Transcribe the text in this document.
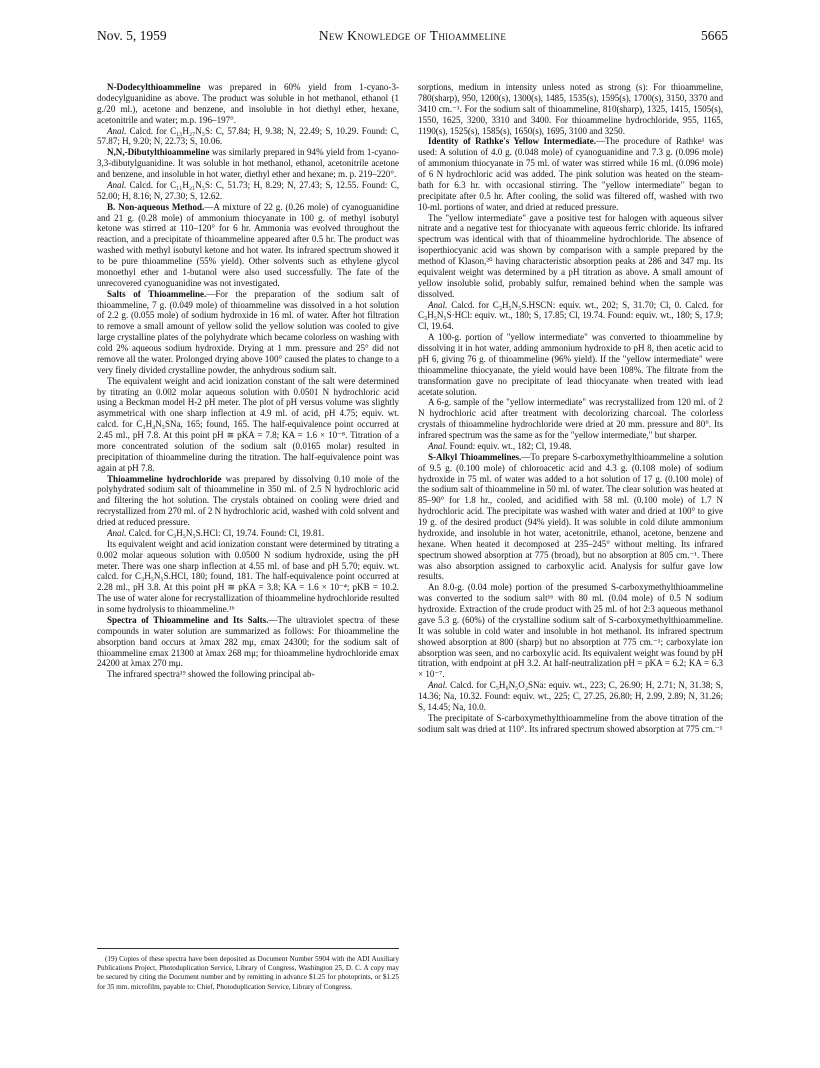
Nov. 5, 1959	New Knowledge of Thioammeline	5665

N-Dodecylthioammeline was prepared in 60% yield from 1-cyano-3-dodecylguanidine as above. The product was soluble in hot methanol, ethanol (1 g./20 ml.), acetone and benzene, and insoluble in hot diethyl ether, hexane, acetonitrile and water; m.p. 196–197°.

Anal. Calcd. for C₁₅H₂₇N₅S: C, 57.84; H, 9.38; N, 22.49; S, 10.29. Found: C, 57.87; H, 9.20; N, 22.73; S, 10.06.

N,N,-Dibutylthioammeline was similarly prepared in 94% yield from 1-cyano-3,3-dibutylguanidine. It was soluble in hot methanol, ethanol, acetonitrile acetone and benzene, and insoluble in hot water, diethyl ether and hexane; m. p. 219–220°.

Anal. Calcd. for C₁₁H₂₁N₅S: C, 51.73; H, 8.29; N, 27.43; S, 12.55. Found: C, 52.00; H, 8.16; N, 27.30; S, 12.62.

B. Non-aqueous Method.—A mixture of 22 g. (0.26 mole) of cyanoguanidine and 21 g. (0.28 mole) of ammonium thiocyanate in 100 g. of methyl isobutyl ketone was stirred at 110–120° for 6 hr. Ammonia was evolved throughout the reaction, and a precipitate of thioammeline appeared after 0.5 hr. The product was washed with methyl isobutyl ketone and hot water. Its infrared spectrum showed it to be pure thioammeline (55% yield). Other solvents such as ethylene glycol monoethyl ether and 1-butanol were also used successfully. The fate of the unrecovered cyanoguanidine was not investigated.

Salts of Thioammeline.—For the preparation of the sodium salt of thioammeline, 7 g. (0.049 mole) of thioammeline was dissolved in a hot solution of 2.2 g. (0.055 mole) of sodium hydroxide in 16 ml. of water. After hot filtration to remove a small amount of yellow solid the yellow solution was cooled to give large crystalline plates of the polyhydrate which became colorless on washing with cold 2% aqueous sodium hydroxide. Drying at 1 mm. pressure and 25° did not remove all the water. Prolonged drying above 100° caused the plates to change to a very finely divided crystalline powder, the anhydrous sodium salt.

The equivalent weight and acid ionization constant of the salt were determined by titrating an 0.002 molar aqueous solution with 0.0501 N hydrochloric acid using a Beckman model H-2 pH meter. The plot of pH versus volume was slightly asymmetrical with one sharp inflection at 4.9 ml. of acid, pH 4.75; equiv. wt. calcd. for C₃H₄N₅SNa, 165; found, 165. The half-equivalence point occurred at 2.45 ml., pH 7.8. At this point pH ≅ pKA = 7.8; KA = 1.6 × 10⁻⁸. Titration of a more concentrated solution of the sodium salt (0.0165 molar) resulted in precipitation of thioammeline during the titration. The half-equivalence point was again at pH 7.8.

Thioammeline hydrochloride was prepared by dissolving 0.10 mole of the polyhydrated sodium salt of thioammeline in 350 ml. of 2.5 N hydrochloric acid and filtering the hot solution. The crystals obtained on cooling were dried and recrystallized from 270 ml. of 2 N hydrochloric acid, washed with cold solvent and dried at reduced pressure.

Anal. Calcd. for C₃H₅N₅S.HCl: Cl, 19.74. Found: Cl, 19.81.

Its equivalent weight and acid ionization constant were determined by titrating a 0.002 molar aqueous solution with 0.0500 N sodium hydroxide, using the pH meter. There was one sharp inflection at 4.55 ml. of base and pH 5.70; equiv. wt. calcd. for C₃H₅N₅S.HCl, 180; found, 181. The half-equivalence point occurred at 2.28 ml., pH 3.8. At this point pH ≅ pKA = 3.8; KA = 1.6 × 10⁻⁴; pKB = 10.2. The use of water alone for recrystallization of thioammeline hydrochloride resulted in some hydrolysis to thioammeline.¹ᵇ

Spectra of Thioammeline and Its Salts.—The ultraviolet spectra of these compounds in water solution are summarized as follows: For thioammeline the absorption band occurs at λmax 282 mμ, εmax 24300; for the sodium salt of thioammeline εmax 21300 at λmax 268 mμ; for thioammeline hydrochloride εmax 24200 at λmax 270 mμ.

The infrared spectra¹⁹ showed the following principal ab-

sorptions, medium in intensity unless noted as strong (s): For thioammeline, 780(sharp), 950, 1200(s), 1300(s), 1485, 1535(s), 1595(s), 1700(s), 3150, 3370 and 3410 cm.⁻¹. For the sodium salt of thioammeline, 810(sharp), 1325, 1415, 1505(s), 1550, 1625, 3200, 3310 and 3400. For thioammeline hydrochloride, 955, 1165, 1190(s), 1525(s), 1585(s), 1650(s), 1695, 3100 and 3250.

Identity of Rathke's Yellow Intermediate.—The procedure of Rathke¹ was used: A solution of 4.0 g. (0.048 mole) of cyanoguanidine and 7.3 g. (0.096 mole) of ammonium thiocyanate in 75 ml. of water was stirred while 16 ml. (0.096 mole) of 6 N hydrochloric acid was added. The pink solution was heated on the steam-bath for 6.3 hr. with occasional stirring. The "yellow intermediate" began to precipitate after 0.5 hr. After cooling, the solid was filtered off, washed with two 10-ml. portions of water, and dried at reduced pressure.

The "yellow intermediate" gave a positive test for halogen with aqueous silver nitrate and a negative test for thiocyanate with aqueous ferric chloride. Its infrared spectrum was identical with that of thioammeline hydrochloride. The absence of isoperthiocyanic acid was shown by comparison with a sample prepared by the method of Klason,²⁰ having characteristic absorption peaks at 286 and 347 mμ. Its equivalent weight was determined by a pH titration as above. A small amount of yellow insoluble solid, probably sulfur, remained behind when the sample was dissolved.

Anal. Calcd. for C₃H₅N₅S.HSCN: equiv. wt., 202; S, 31.70; Cl, 0. Calcd. for C₃H₅N₅S·HCl: equiv. wt., 180; S, 17.85; Cl, 19.74. Found: equiv. wt., 180; S, 17.9; Cl, 19.64.

A 100-g. portion of "yellow intermediate" was converted to thioammeline by dissolving it in hot water, adding ammonium hydroxide to pH 8, then acetic acid to pH 6, giving 76 g. of thioammeline (96% yield). If the "yellow intermediate" were thioammeline thiocyanate, the yield would have been 108%. The filtrate from the transformation gave no precipitate of lead thiocyanate when treated with lead acetate solution.

A 6-g. sample of the "yellow intermediate" was recrystallized from 120 ml. of 2 N hydrochloric acid after treatment with decolorizing charcoal. The colorless crystals of thioammeline hydrochloride were dried at 20 mm. pressure and 80°. Its infrared spectrum was the same as for the "yellow intermediate," but sharper.

Anal. Found: equiv. wt., 182; Cl, 19.48.

S-Alkyl Thioammelines.—To prepare S-carboxymethylthioammeline a solution of 9.5 g. (0.100 mole) of chloroacetic acid and 4.3 g. (0.108 mole) of sodium hydroxide in 75 ml. of water was added to a hot solution of 17 g. (0.100 mole) of the sodium salt of thioammeline in 50 ml. of water. The clear solution was heated at 85–90° for 1.8 hr., cooled, and acidified with 58 ml. (0.100 mole) of 1.7 N hydrochloric acid. The precipitate was washed with water and dried at 100° to give 19 g. of the desired product (94% yield). It was soluble in cold dilute ammonium hydroxide, and insoluble in hot water, acetonitrile, ethanol, acetone, benzene and hexane. When heated it decomposed at 235–245° without melting. Its infrared spectrum showed absorption at 775 (broad), but no absorption at 805 cm.⁻¹. There was also absorption assigned to carboxylic acid. Analysis for sulfur gave low results.

An 8.0-g. (0.04 mole) portion of the presumed S-carboxymethylthioammeline was converted to the sodium salt¹⁶ with 80 ml. (0.04 mole) of 0.5 N sodium hydroxide. Extraction of the crude product with 25 ml. of hot 2:3 aqueous methanol gave 5.3 g. (60%) of the crystalline sodium salt of S-carboxymethylthioammeline. It was soluble in cold water and insoluble in hot methanol. Its infrared spectrum showed absorption at 800 (sharp) but no absorption at 775 cm.⁻¹; carboxylate ion absorption was seen, and no carboxylic acid. Its equivalent weight was found by pH titration, with endpoint at pH 3.2. At half-neutralization pH = pKA = 6.2; KA = 6.3 × 10⁻⁷.

Anal. Calcd. for C₅H₆N₅O₂SNa: equiv. wt., 223; C, 26.90; H, 2.71; N, 31.38; S, 14.36; Na, 10.32. Found: equiv. wt., 225; C, 27.25, 26.80; H, 2.99, 2.89; N, 31.26; S, 14.45; Na, 10.0.

The precipitate of S-carboxymethylthioammeline from the above titration of the sodium salt was dried at 110°. Its infrared spectrum showed absorption at 775 cm.⁻¹

(19) Copies of these spectra have been deposited as Document Number 5904 with the ADI Auxiliary Publications Project, Photoduplication Service, Library of Congress, Washington 25, D. C. A copy may be secured by citing the Document number and by remitting in advance $1.25 for photoprints, or $1.25 for 35 mm. microfilm, payable to: Chief, Photoduplication Service, Library of Congress.
